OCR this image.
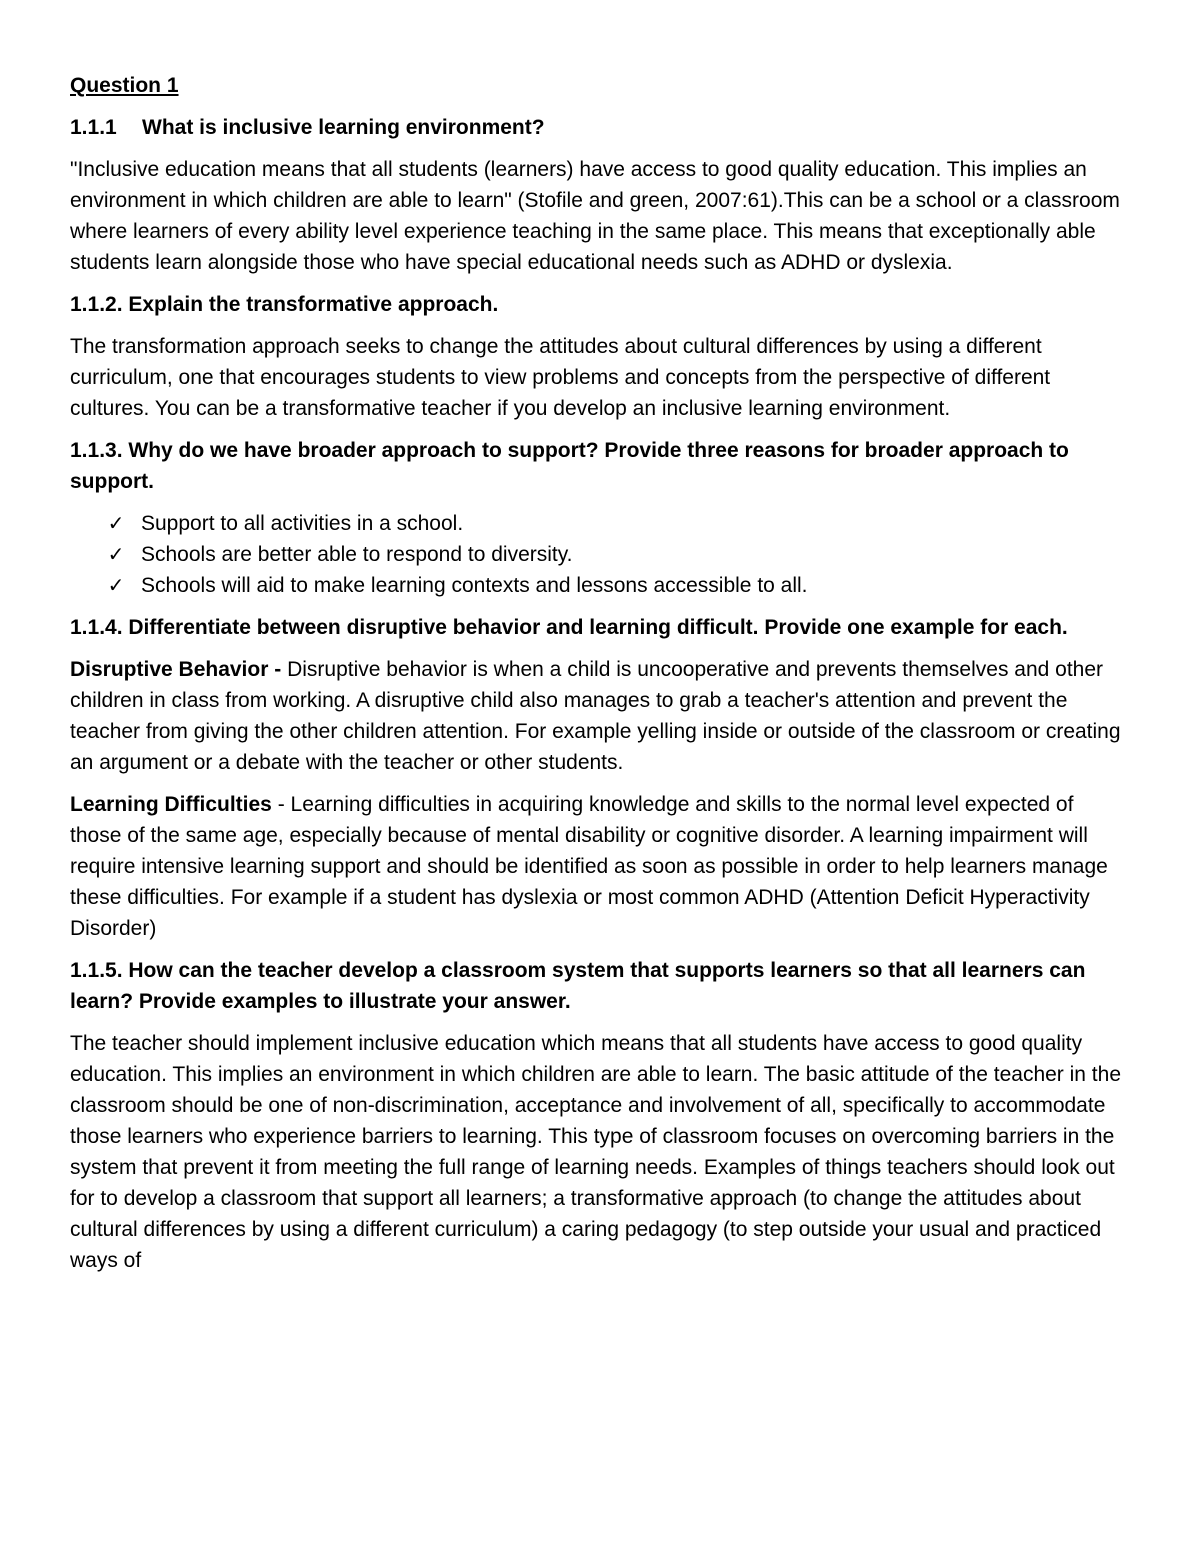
Question 1
1.1.1 What is inclusive learning environment?
"Inclusive education means that all students (learners) have access to good quality education. This implies an environment in which children are able to learn" (Stofile and green, 2007:61).This can be a school or a classroom where learners of every ability level experience teaching in the same place. This means that exceptionally able students learn alongside those who have special educational needs such as ADHD or dyslexia.
1.1.2. Explain the transformative approach.
The transformation approach seeks to change the attitudes about cultural differences by using a different curriculum, one that encourages students to view problems and concepts from the perspective of different cultures. You can be a transformative teacher if you develop an inclusive learning environment.
1.1.3. Why do we have broader approach to support? Provide three reasons for broader approach to support.
✓ Support to all activities in a school.
✓ Schools are better able to respond to diversity.
✓ Schools will aid to make learning contexts and lessons accessible to all.
1.1.4. Differentiate between disruptive behavior and learning difficult. Provide one example for each.
Disruptive Behavior - Disruptive behavior is when a child is uncooperative and prevents themselves and other children in class from working. A disruptive child also manages to grab a teacher's attention and prevent the teacher from giving the other children attention. For example yelling inside or outside of the classroom or creating an argument or a debate with the teacher or other students.
Learning Difficulties - Learning difficulties in acquiring knowledge and skills to the normal level expected of those of the same age, especially because of mental disability or cognitive disorder. A learning impairment will require intensive learning support and should be identified as soon as possible in order to help learners manage these difficulties. For example if a student has dyslexia or most common ADHD (Attention Deficit Hyperactivity Disorder)
1.1.5. How can the teacher develop a classroom system that supports learners so that all learners can learn? Provide examples to illustrate your answer.
The teacher should implement inclusive education which means that all students have access to good quality education. This implies an environment in which children are able to learn. The basic attitude of the teacher in the classroom should be one of non-discrimination, acceptance and involvement of all, specifically to accommodate those learners who experience barriers to learning. This type of classroom focuses on overcoming barriers in the system that prevent it from meeting the full range of learning needs. Examples of things teachers should look out for to develop a classroom that support all learners; a transformative approach (to change the attitudes about cultural differences by using a different curriculum) a caring pedagogy (to step outside your usual and practiced ways of
